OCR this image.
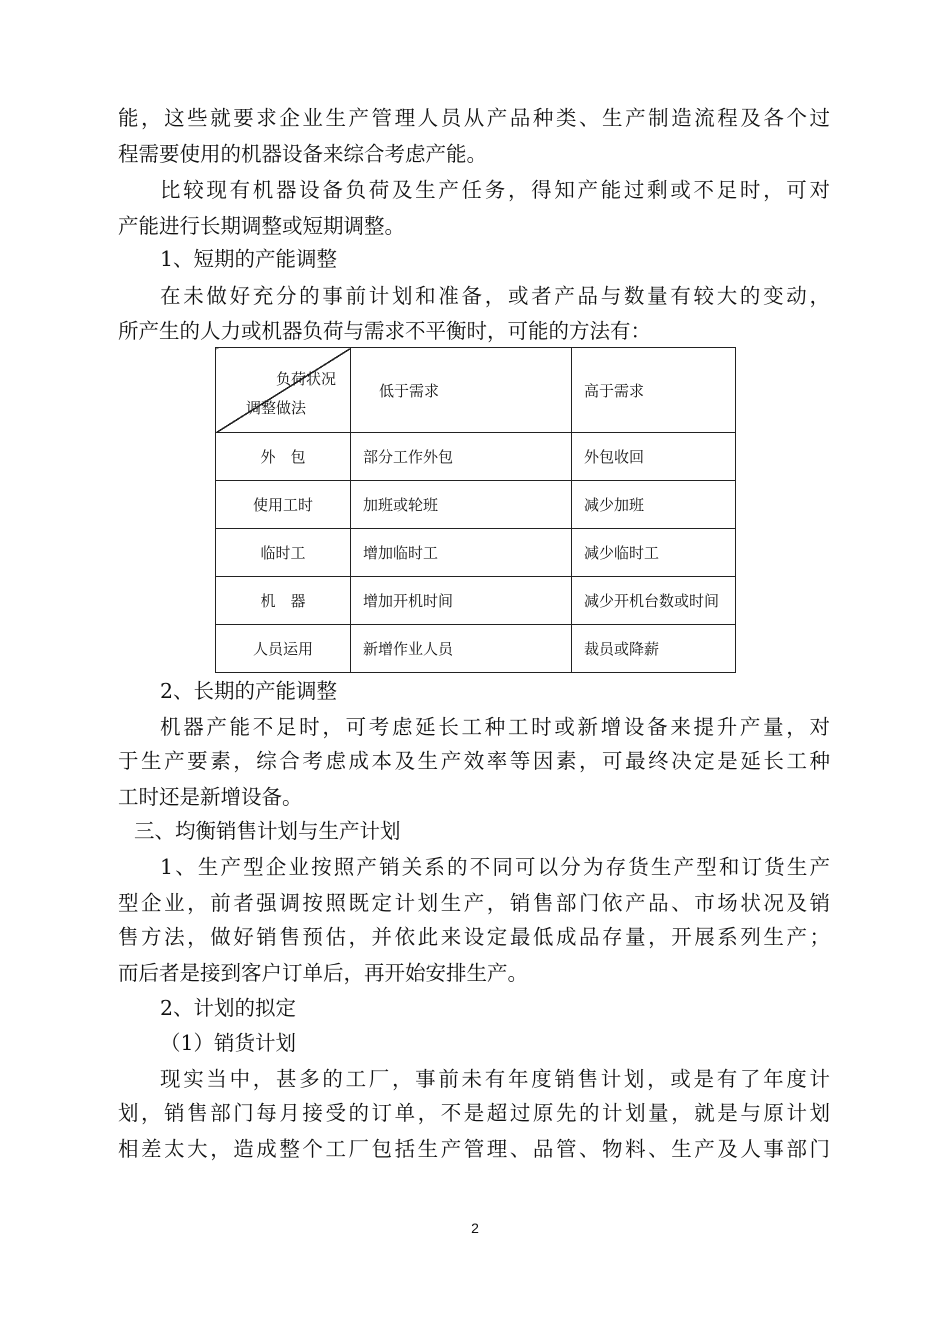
能，这些就要求企业生产管理人员从产品种类、生产制造流程及各个过
程需要使用的机器设备来综合考虑产能。
比较现有机器设备负荷及生产任务，得知产能过剩或不足时，可对
产能进行长期调整或短期调整。
1、短期的产能调整
在未做好充分的事前计划和准备，或者产品与数量有较大的变动，
所产生的人力或机器负荷与需求不平衡时，可能的方法有：
负荷状况
调整做法	低于需求	高于需求
外　包	部分工作外包	外包收回
使用工时	加班或轮班	减少加班
临时工	增加临时工	减少临时工
机　器	增加开机时间	减少开机台数或时间
人员运用	新增作业人员	裁员或降薪
2、长期的产能调整
机器产能不足时，可考虑延长工种工时或新增设备来提升产量，对
于生产要素，综合考虑成本及生产效率等因素，可最终决定是延长工种
工时还是新增设备。
三、均衡销售计划与生产计划
1、生产型企业按照产销关系的不同可以分为存货生产型和订货生产
型企业，前者强调按照既定计划生产，销售部门依产品、市场状况及销
售方法，做好销售预估，并依此来设定最低成品存量，开展系列生产；
而后者是接到客户订单后，再开始安排生产。
2、计划的拟定
（1）销货计划
现实当中，甚多的工厂，事前未有年度销售计划，或是有了年度计
划，销售部门每月接受的订单，不是超过原先的计划量，就是与原计划
相差太大，造成整个工厂包括生产管理、品管、物料、生产及人事部门
2
